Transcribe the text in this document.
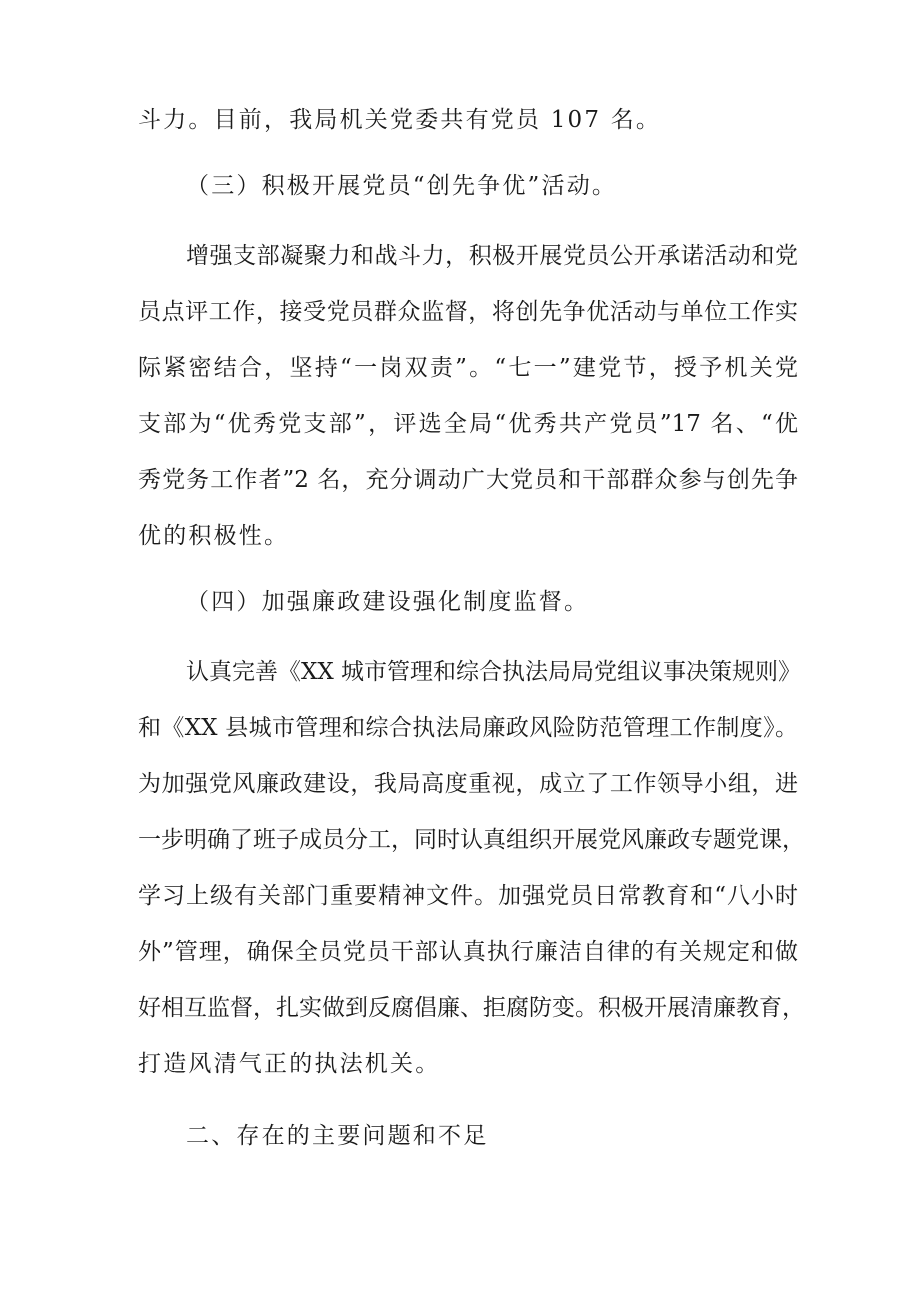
斗力。目前，我局机关党委共有党员 107 名。
（三）积极开展党员“创先争优”活动。
增强支部凝聚力和战斗力，积极开展党员公开承诺活动和党
员点评工作，接受党员群众监督，将创先争优活动与单位工作实
际紧密结合，坚持“一岗双责”。“七一”建党节，授予机关党
支部为“优秀党支部”，评选全局“优秀共产党员”17 名、“优
秀党务工作者”2 名，充分调动广大党员和干部群众参与创先争
优的积极性。
（四）加强廉政建设强化制度监督。
认真完善《XX 城市管理和综合执法局局党组议事决策规则》
和《XX 县城市管理和综合执法局廉政风险防范管理工作制度》。
为加强党风廉政建设，我局高度重视，成立了工作领导小组，进
一步明确了班子成员分工，同时认真组织开展党风廉政专题党课，
学习上级有关部门重要精神文件。加强党员日常教育和“八小时
外”管理，确保全员党员干部认真执行廉洁自律的有关规定和做
好相互监督，扎实做到反腐倡廉、拒腐防变。积极开展清廉教育，
打造风清气正的执法机关。
二、存在的主要问题和不足
